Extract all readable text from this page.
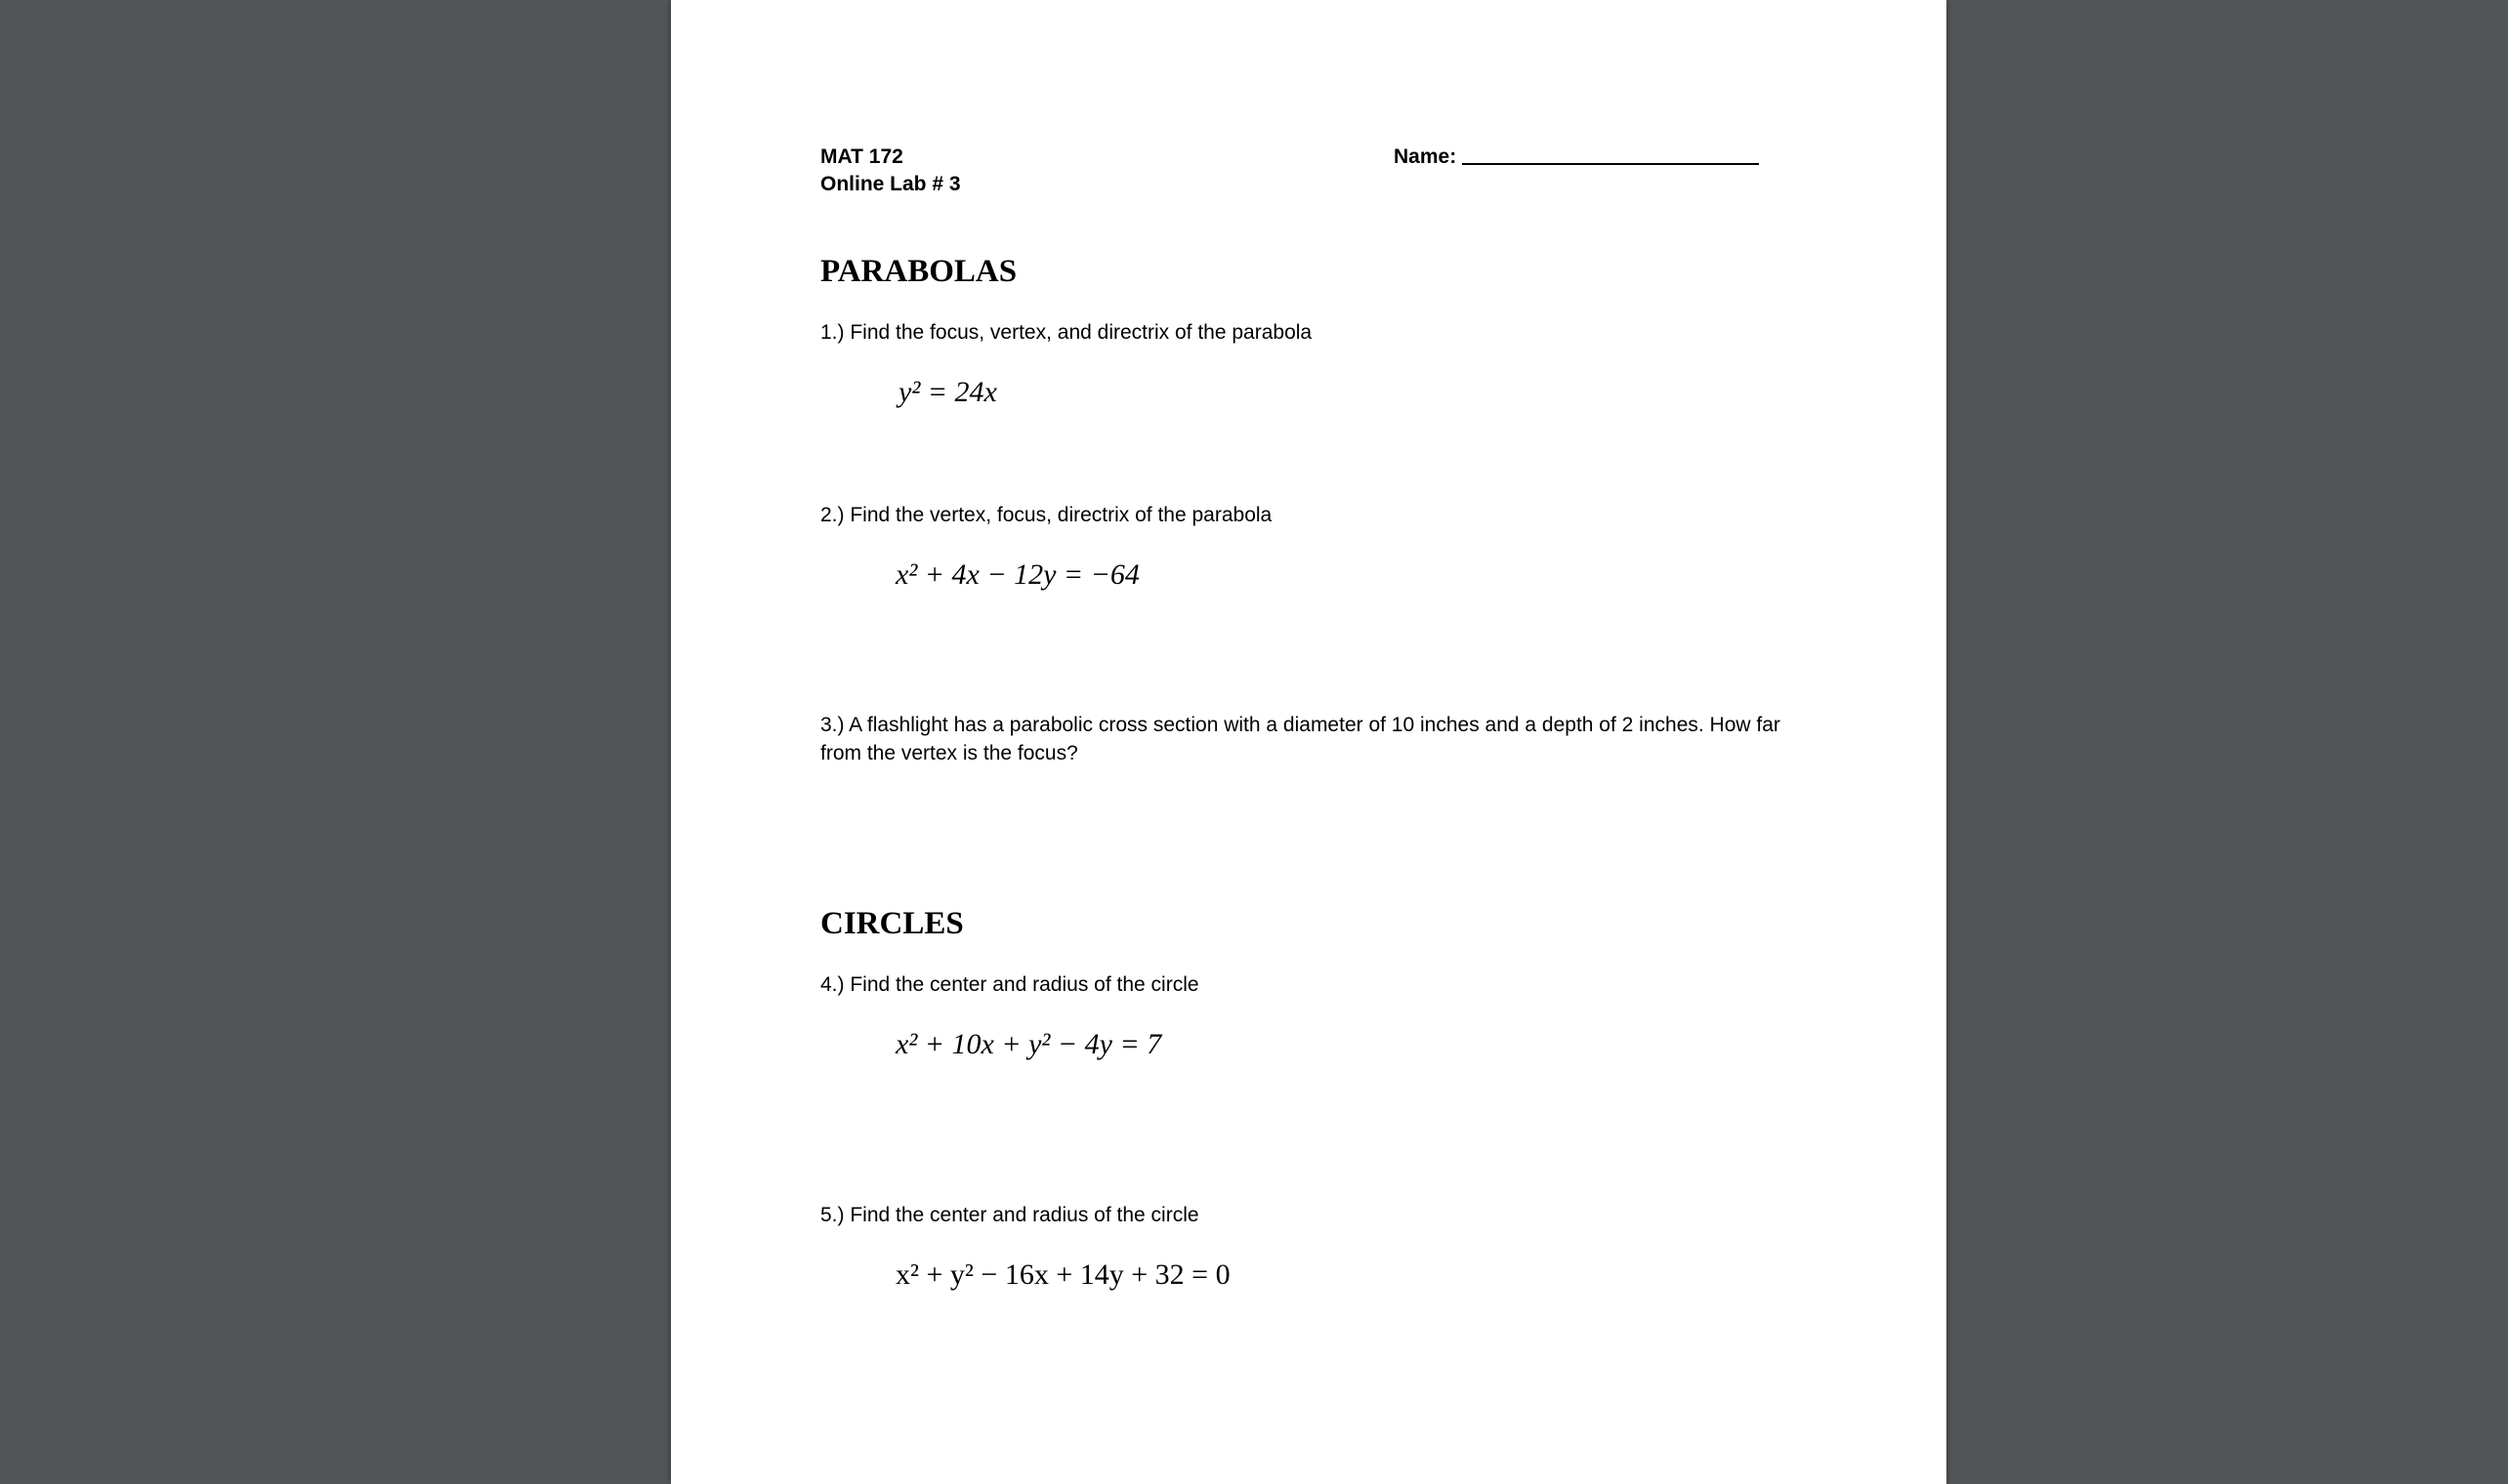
MAT 172
Online Lab # 3
Name:
PARABOLAS
1.) Find the focus, vertex, and directrix of the parabola
y² = 24x
2.) Find the vertex, focus, directrix of the parabola
x² + 4x − 12y = −64
3.) A flashlight has a parabolic cross section with a diameter of 10 inches and a depth of 2 inches. How far from the vertex is the focus?
CIRCLES
4.) Find the center and radius of the circle
x² + 10x + y² − 4y = 7
5.) Find the center and radius of the circle
x² + y² − 16x + 14y + 32 = 0
